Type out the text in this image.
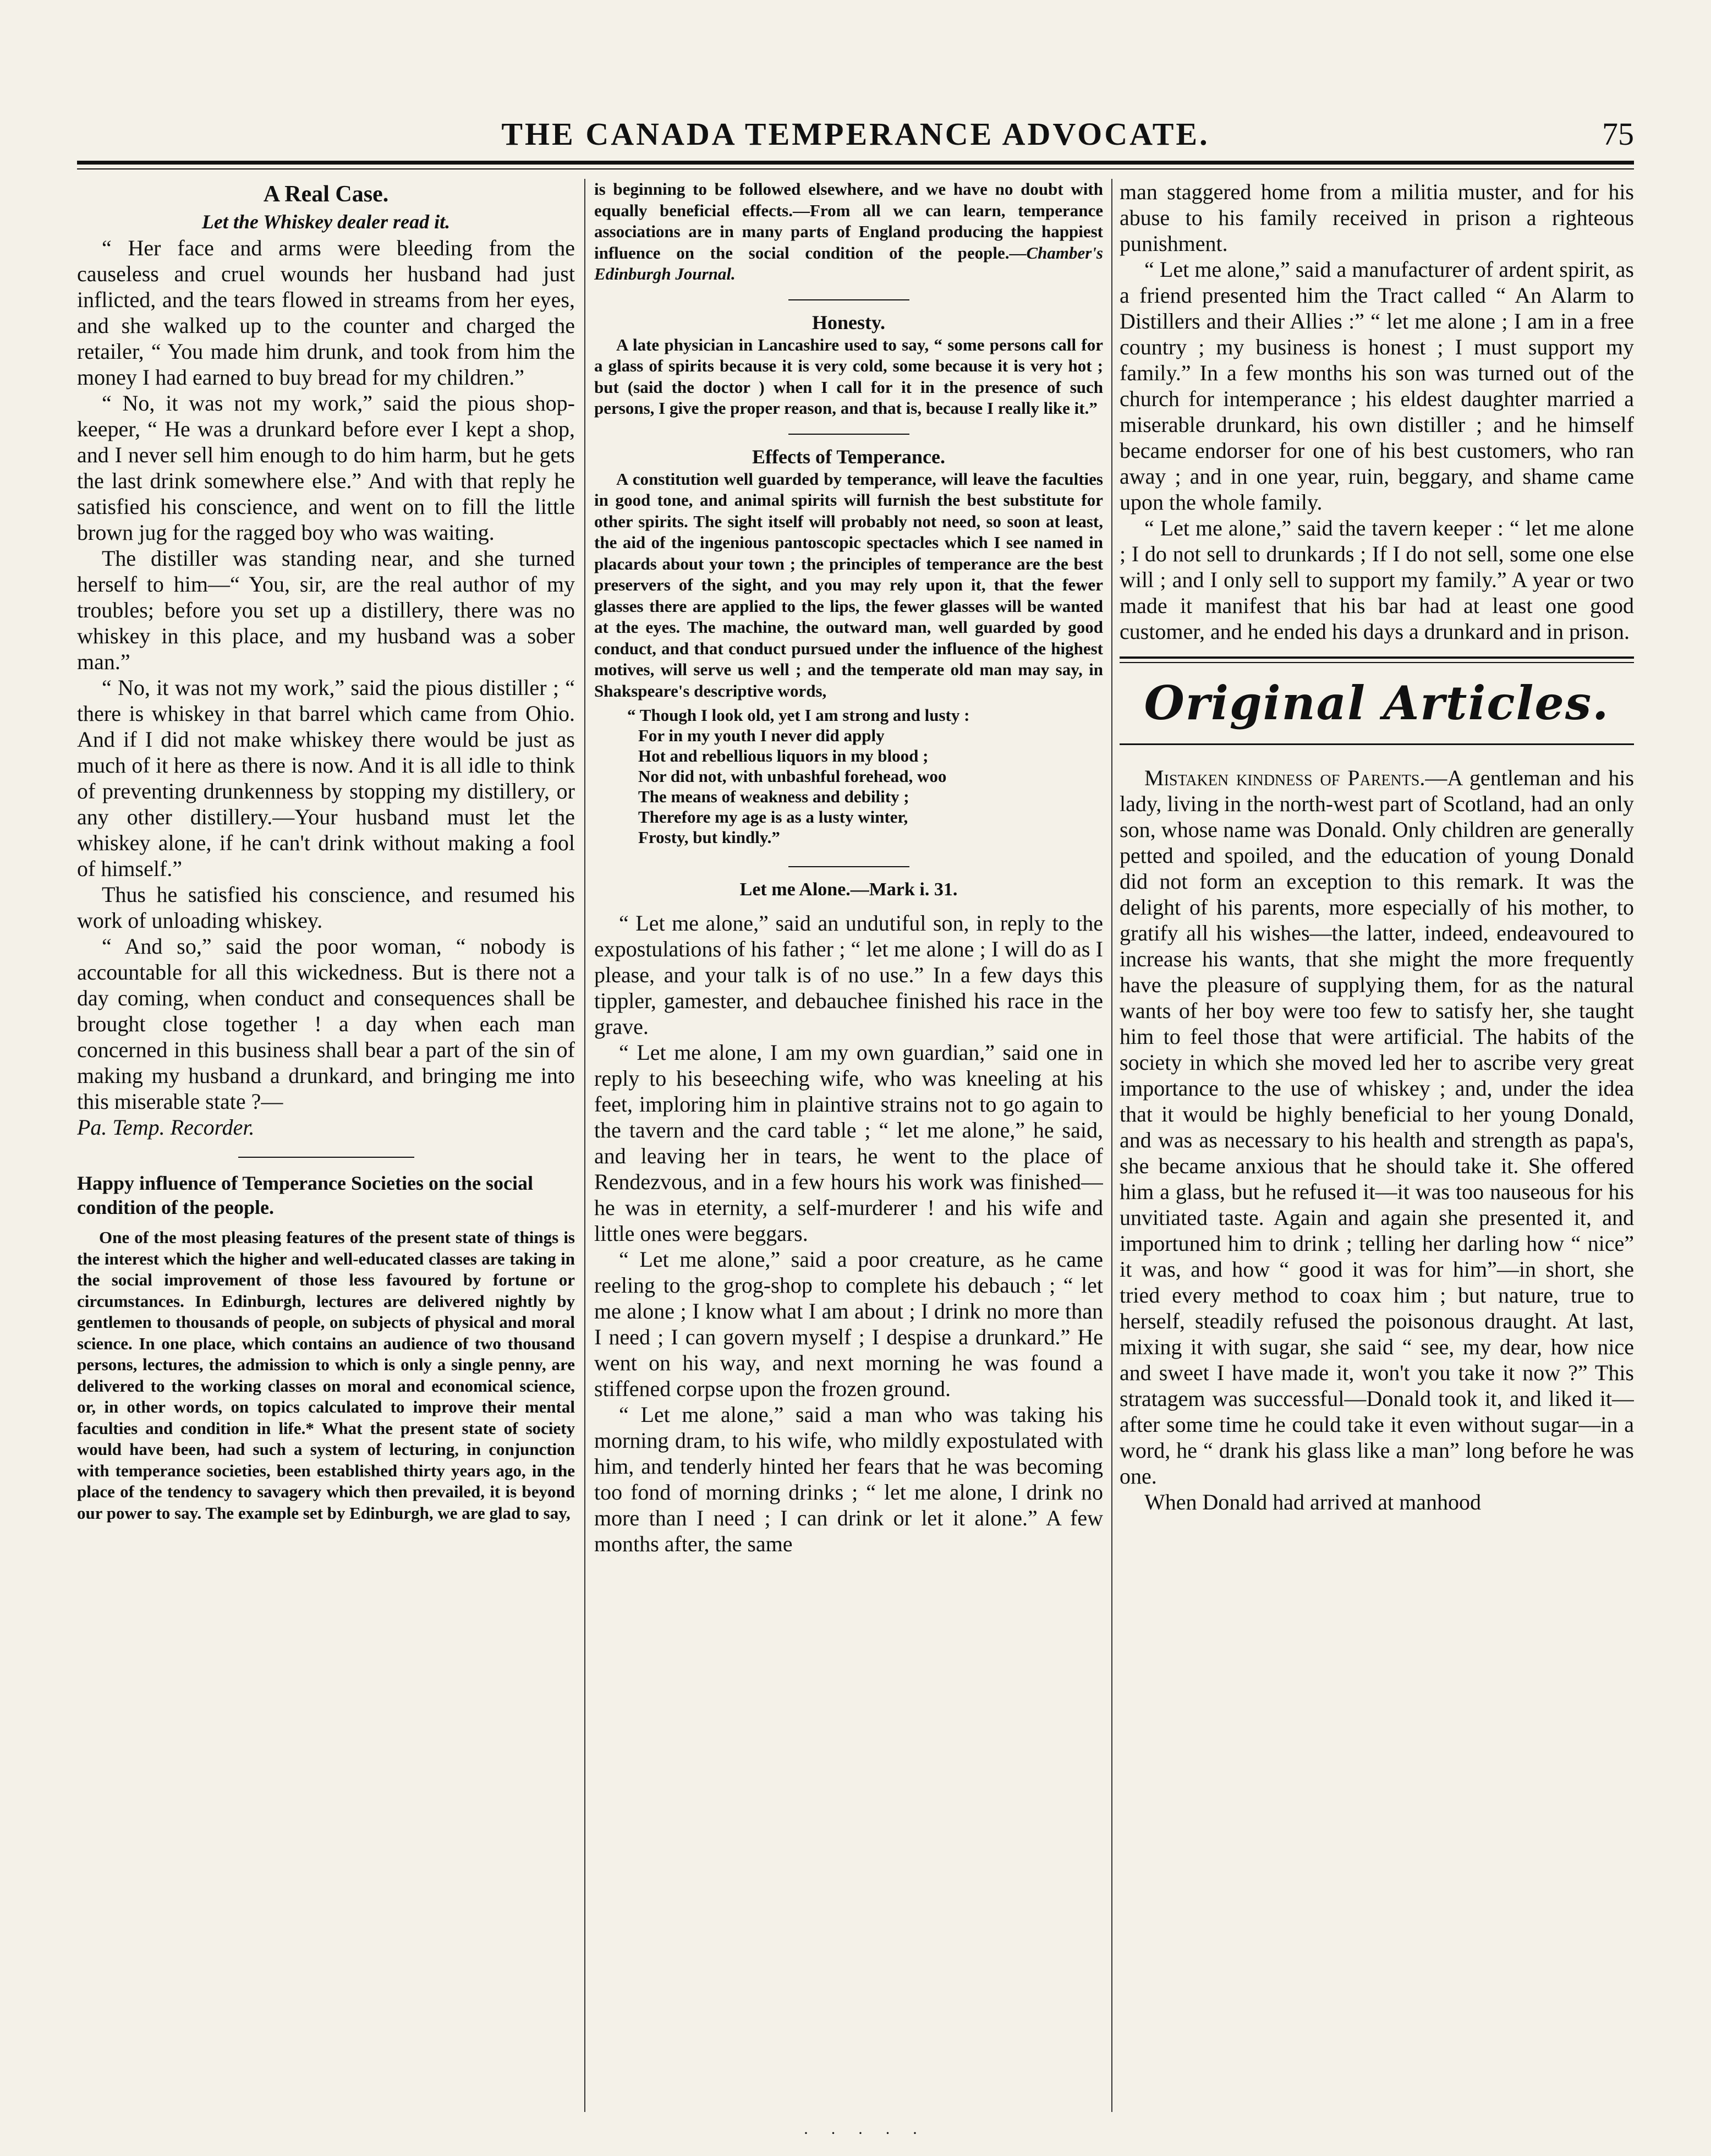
THE CANADA TEMPERANCE ADVOCATE.	75
A Real Case.
Let the Whiskey dealer read it.

“ Her face and arms were bleeding from the causeless and cruel wounds her husband had just inflicted, and the tears flowed in streams from her eyes, and she walked up to the counter and charged the retailer, “ You made him drunk, and took from him the money I had earned to buy bread for my children.”

“ No, it was not my work,” said the pious shop-keeper, “ He was a drunkard before ever I kept a shop, and I never sell him enough to do him harm, but he gets the last drink somewhere else.” And with that reply he satisfied his conscience, and went on to fill the little brown jug for the ragged boy who was waiting.

The distiller was standing near, and she turned herself to him—“ You, sir, are the real author of my troubles; before you set up a distillery, there was no whiskey in this place, and my husband was a sober man.”

“ No, it was not my work,” said the pious distiller ; “ there is whiskey in that barrel which came from Ohio. And if I did not make whiskey there would be just as much of it here as there is now. And it is all idle to think of preventing drunkenness by stopping my distillery, or any other distillery.—Your husband must let the whiskey alone, if he can't drink without making a fool of himself.”

Thus he satisfied his conscience, and resumed his work of unloading whiskey.

“ And so,” said the poor woman, “ nobody is accountable for all this wickedness. But is there not a day coming, when conduct and consequences shall be brought close together ! a day when each man concerned in this business shall bear a part of the sin of making my husband a drunkard, and bringing me into this miserable state ?—

Pa. Temp. Recorder.

Happy influence of Temperance Societies on the social condition of the people.

One of the most pleasing features of the present state of things is the interest which the higher and well-educated classes are taking in the social improvement of those less favoured by fortune or circumstances. In Edinburgh, lectures are delivered nightly by gentlemen to thousands of people, on subjects of physical and moral science. In one place, which contains an audience of two thousand persons, lectures, the admission to which is only a single penny, are delivered to the working classes on moral and economical science, or, in other words, on topics calculated to improve their mental faculties and condition in life.* What the present state of society would have been, had such a system of lecturing, in conjunction with temperance societies, been established thirty years ago, in the place of the tendency to savagery which then prevailed, it is beyond our power to say. The example set by Edinburgh, we are glad to say,

is beginning to be followed elsewhere, and we have no doubt with equally beneficial effects.—From all we can learn, temperance associations are in many parts of England producing the happiest influence on the social condition of the people.—Chamber's Edinburgh Journal.

Honesty.

A late physician in Lancashire used to say, “ some persons call for a glass of spirits because it is very cold, some because it is very hot ; but (said the doctor ) when I call for it in the presence of such persons, I give the proper reason, and that is, because I really like it.”

Effects of Temperance.

A constitution well guarded by temperance, will leave the faculties in good tone, and animal spirits will furnish the best substitute for other spirits. The sight itself will probably not need, so soon at least, the aid of the ingenious pantoscopic spectacles which I see named in placards about your town ; the principles of temperance are the best preservers of the sight, and you may rely upon it, that the fewer glasses there are applied to the lips, the fewer glasses will be wanted at the eyes. The machine, the outward man, well guarded by good conduct, and that conduct pursued under the influence of the highest motives, will serve us well ; and the temperate old man may say, in Shakspeare's descriptive words,

“ Though I look old, yet I am strong and lusty :
For in my youth I never did apply
Hot and rebellious liquors in my blood ;
Nor did not, with unbashful forehead, woo
The means of weakness and debility ;
Therefore my age is as a lusty winter,
Frosty, but kindly.”
Let me Alone.—Mark i. 31.

“ Let me alone,” said an undutiful son, in reply to the expostulations of his father ; “ let me alone ; I will do as I please, and your talk is of no use.” In a few days this tippler, gamester, and debauchee finished his race in the grave.

“ Let me alone, I am my own guardian,” said one in reply to his beseeching wife, who was kneeling at his feet, imploring him in plaintive strains not to go again to the tavern and the card table ; “ let me alone,” he said, and leaving her in tears, he went to the place of Rendezvous, and in a few hours his work was finished—he was in eternity, a self-murderer ! and his wife and little ones were beggars.

“ Let me alone,” said a poor creature, as he came reeling to the grog-shop to complete his debauch ; “ let me alone ; I know what I am about ; I drink no more than I need ; I can govern myself ; I despise a drunkard.” He went on his way, and next morning he was found a stiffened corpse upon the frozen ground.

“ Let me alone,” said a man who was taking his morning dram, to his wife, who mildly expostulated with him, and tenderly hinted her fears that he was becoming too fond of morning drinks ; “ let me alone, I drink no more than I need ; I can drink or let it alone.” A few months after, the same

man staggered home from a militia muster, and for his abuse to his family received in prison a righteous punishment.

“ Let me alone,” said a manufacturer of ardent spirit, as a friend presented him the Tract called “ An Alarm to Distillers and their Allies :” “ let me alone ; I am in a free country ; my business is honest ; I must support my family.” In a few months his son was turned out of the church for intemperance ; his eldest daughter married a miserable drunkard, his own distiller ; and he himself became endorser for one of his best customers, who ran away ; and in one year, ruin, beggary, and shame came upon the whole family.

“ Let me alone,” said the tavern keeper : “ let me alone ; I do not sell to drunkards ; If I do not sell, some one else will ; and I only sell to support my family.” A year or two made it manifest that his bar had at least one good customer, and he ended his days a drunkard and in prison.

Original Articles.

Mistaken kindness of Parents.—A gentleman and his lady, living in the north-west part of Scotland, had an only son, whose name was Donald. Only children are generally petted and spoiled, and the education of young Donald did not form an exception to this remark. It was the delight of his parents, more especially of his mother, to gratify all his wishes—the latter, indeed, endeavoured to increase his wants, that she might the more frequently have the pleasure of supplying them, for as the natural wants of her boy were too few to satisfy her, she taught him to feel those that were artificial. The habits of the society in which she moved led her to ascribe very great importance to the use of whiskey ; and, under the idea that it would be highly beneficial to her young Donald, and was as necessary to his health and strength as papa's, she became anxious that he should take it. She offered him a glass, but he refused it—it was too nauseous for his unvitiated taste. Again and again she presented it, and importuned him to drink ; telling her darling how “ nice” it was, and how “ good it was for him”—in short, she tried every method to coax him ; but nature, true to herself, steadily refused the poisonous draught. At last, mixing it with sugar, she said “ see, my dear, how nice and sweet I have made it, won't you take it now ?” This stratagem was successful—Donald took it, and liked it—after some time he could take it even without sugar—in a word, he “ drank his glass like a man” long before he was one.

When Donald had arrived at manhood

· · · · ·
